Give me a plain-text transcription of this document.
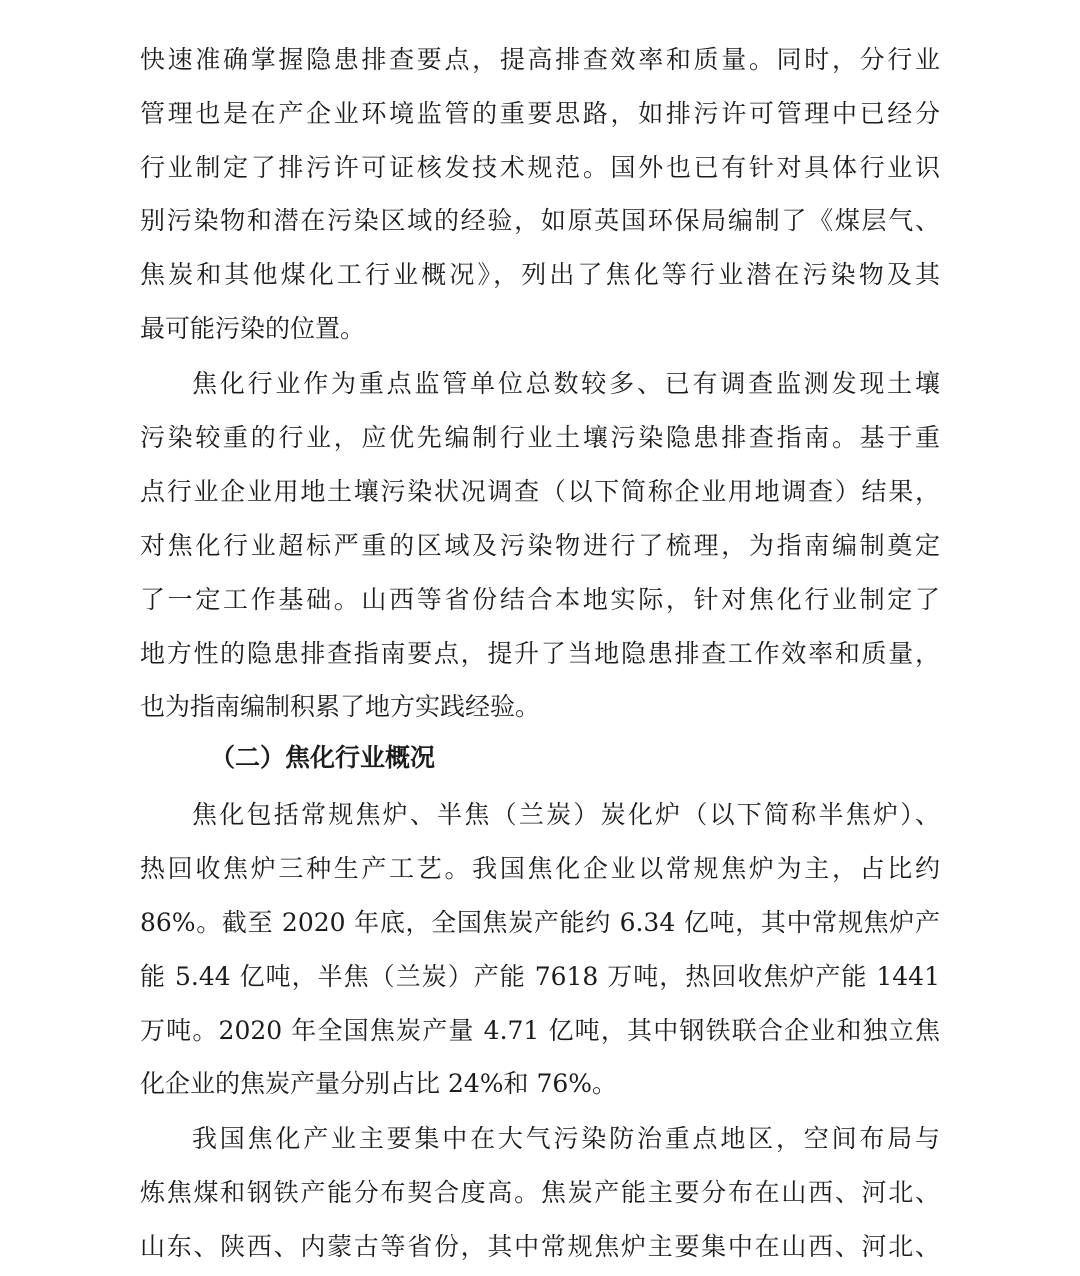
快速准确掌握隐患排查要点，提高排查效率和质量。同时，分行业
管理也是在产企业环境监管的重要思路，如排污许可管理中已经分
行业制定了排污许可证核发技术规范。国外也已有针对具体行业识
别污染物和潜在污染区域的经验，如原英国环保局编制了《煤层气、
焦炭和其他煤化工行业概况》，列出了焦化等行业潜在污染物及其
最可能污染的位置。
焦化行业作为重点监管单位总数较多、已有调查监测发现土壤
污染较重的行业，应优先编制行业土壤污染隐患排查指南。基于重
点行业企业用地土壤污染状况调查（以下简称企业用地调查）结果，
对焦化行业超标严重的区域及污染物进行了梳理，为指南编制奠定
了一定工作基础。山西等省份结合本地实际，针对焦化行业制定了
地方性的隐患排查指南要点，提升了当地隐患排查工作效率和质量，
也为指南编制积累了地方实践经验。
（二）焦化行业概况
焦化包括常规焦炉、半焦（兰炭）炭化炉（以下简称半焦炉）、
热回收焦炉三种生产工艺。我国焦化企业以常规焦炉为主，占比约
86%。截至 2020 年底，全国焦炭产能约 6.34 亿吨，其中常规焦炉产
能 5.44 亿吨，半焦（兰炭）产能 7618 万吨，热回收焦炉产能 1441
万吨。2020 年全国焦炭产量 4.71 亿吨，其中钢铁联合企业和独立焦
化企业的焦炭产量分别占比 24%和 76%。
我国焦化产业主要集中在大气污染防治重点地区，空间布局与
炼焦煤和钢铁产能分布契合度高。焦炭产能主要分布在山西、河北、
山东、陕西、内蒙古等省份，其中常规焦炉主要集中在山西、河北、
